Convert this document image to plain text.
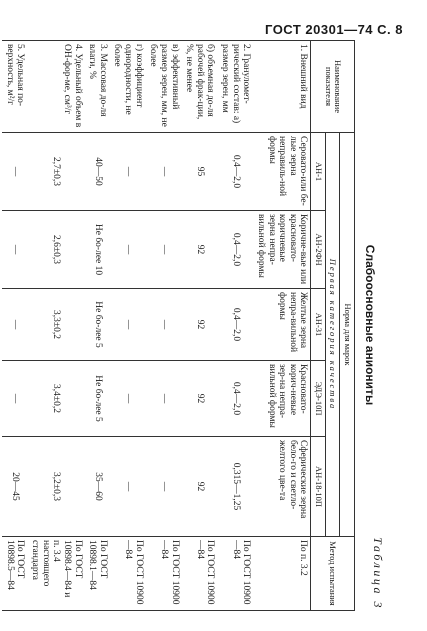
ГОСТ 20301—74 С. 8
Таблица 3
Слабоосновные аниониты
Наименование показателя	Норма для марок					Метод испытания
	Первая категория качества					
	АН-1	АН-2ФН	АН-31	ЭДЭ-10П	АН-18-10П	
1. Внешний вид	Серовато-или бе-лые зерна неправиль-ной формы	Коричне-вые или красновато-коричневые зерна непра-вильной формы	Желтые зерна непра-вильной формы	Красновато-корич-невые зер-на непра-вильной формы	Сферические зерна бело-го и светло-желтого цве-та	По п. 3.2
2. Грануломет-рический состав: а) размер зерен, мм	0,4—2,0	0,4—2,0	0,4—2,0	0,4—2,0	0,315—1,25	По ГОСТ 10900—84
б) объемная до-ля рабочей фрак-ции, %, не менее	95	92	92	92	92	По ГОСТ 10900—84
в) эффективный размер зерен, мм, не более	—	—	—	—	—	По ГОСТ 10900—84
г) коэффициент однородности, не более	—	—	—	—	—	По ГОСТ 10900—84
3. Массовая до-ля влаги, %	40—50	Не бо-лее 10	Не бо-лее 5	Не бо-лее 5	35—60	По ГОСТ 10898.1—84
4. Удельный объем в ОН-фор-ме, см³/г	2,7±0,3	2,6±0,3	3,3±0,2	3,4±0,2	3,2±0,3	По ГОСТ 10898.4—84 и п. 3.4 настоящего стандарта
5. Удельная по-верхность, м²/г	—	—	—	—	20—45	По ГОСТ 10898.5—84
